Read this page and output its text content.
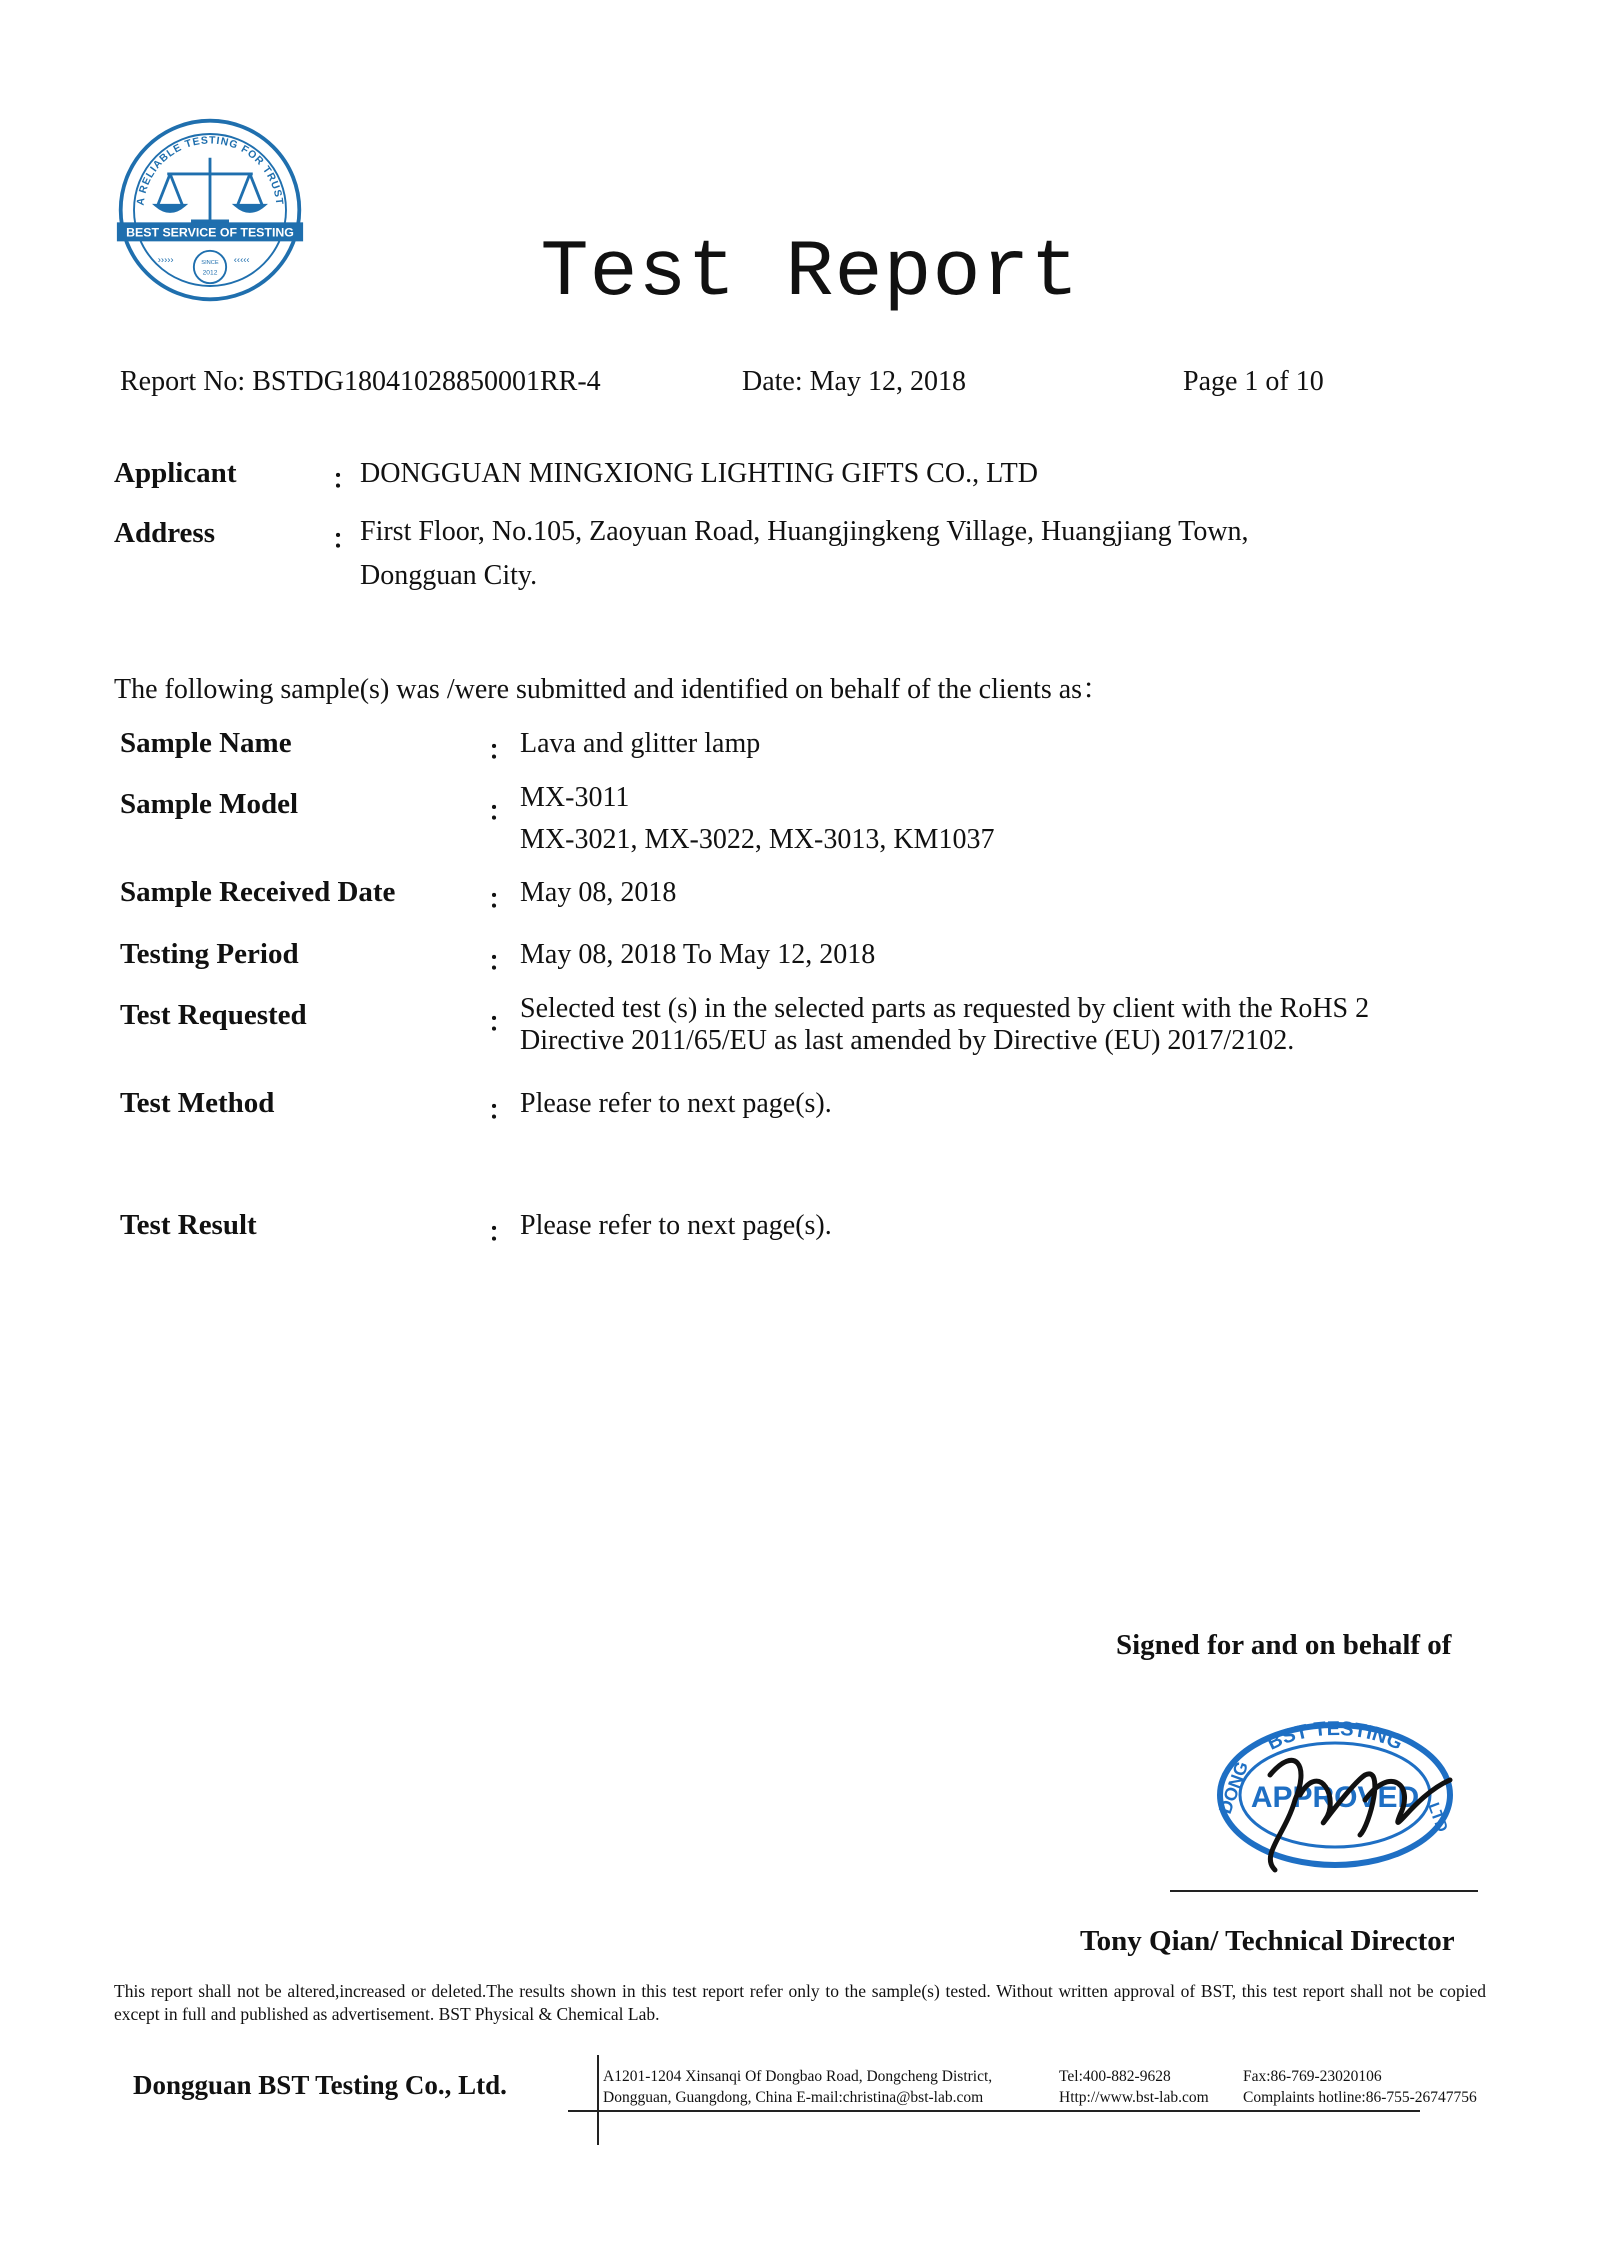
A RELIABLE TESTING FOR TRUST
BEST SERVICE OF TESTING
›››››	‹‹‹‹‹
SINCE
2012	Test Report
Report No: BSTDG18041028850001RR-4	Date: May 12, 2018	Page 1 of 10
Applicant	： DONGGUAN MINGXIONG LIGHTING GIFTS CO., LTD
Address	： First Floor, No.105, Zaoyuan Road, Huangjingkeng Village, Huangjiang Town,
Dongguan City.
The following sample(s) was /were submitted and identified on behalf of the clients as：
Sample Name	： Lava and glitter lamp
Sample Model	： MX-3011
MX-3021, MX-3022, MX-3013, KM1037
Sample Received Date	： May 08, 2018
Testing Period	： May 08, 2018 To May 12, 2018
Test Requested	： Selected test (s) in the selected parts as requested by client with the RoHS 2
Directive 2011/65/EU as last amended by Directive (EU) 2017/2102.
Test Method	： Please refer to next page(s).
Test Result	： Please refer to next page(s).
Signed for and on behalf of
BST TESTING
DONG
LTD
APPROVED
Tony Qian/ Technical Director
This report shall not be altered,increased or deleted.The results shown in this test report refer only to the sample(s) tested. Without written approval of BST, this test report shall not be copied except in full and published as advertisement. BST Physical & Chemical Lab.
Dongguan BST Testing Co., Ltd.	A1201-1204 Xinsanqi Of Dongbao Road, Dongcheng District,
Dongguan, Guangdong, China E-mail:christina@bst-lab.com
Tel:400-882-9628
Http://www.bst-lab.com
Fax:86-769-23020106
Complaints hotline:86-755-26747756
